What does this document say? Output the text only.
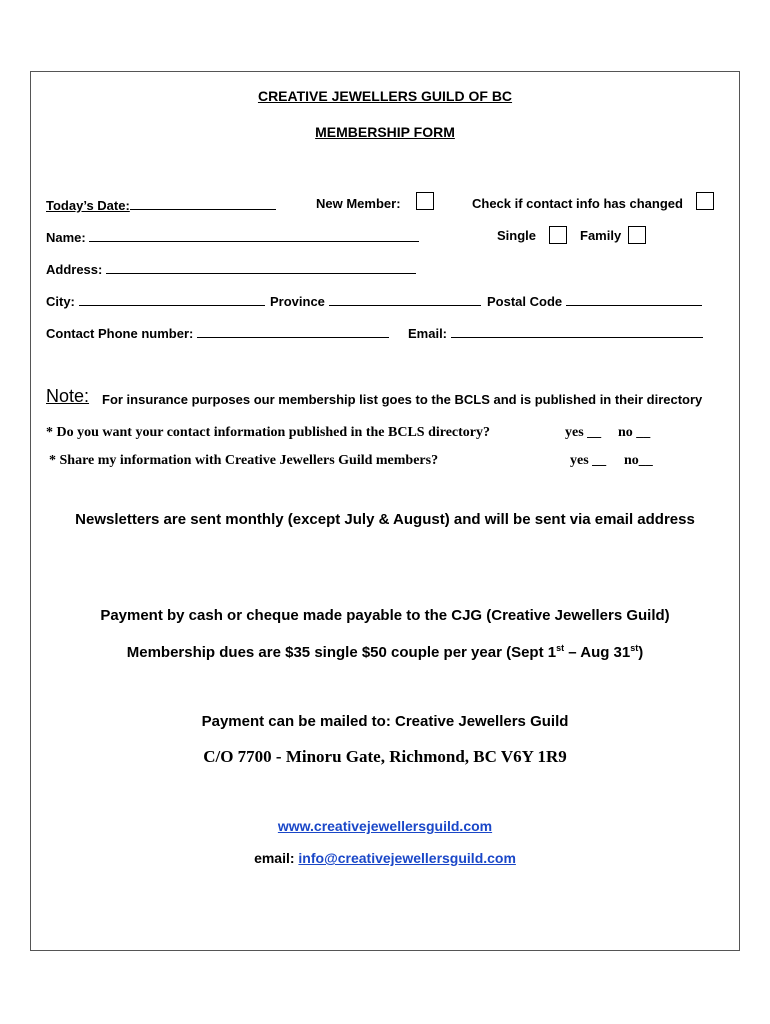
CREATIVE JEWELLERS GUILD OF BC
MEMBERSHIP FORM
Today’s Date:	New Member:	Check if contact info has changed
Name:	Single	Family
Address:
City:	Province	Postal Code
Contact Phone number:	Email:
Note: For insurance purposes our membership list goes to the BCLS and is published in their directory
* Do you want your contact information published in the BCLS directory?	yes __ no __
* Share my information with Creative Jewellers Guild members?	yes __ no__
Newsletters are sent monthly (except July & August) and will be sent via email address
Payment by cash or cheque made payable to the CJG (Creative Jewellers Guild)
Membership dues are $35 single $50 couple per year (Sept 1st – Aug 31st)
Payment can be mailed to: Creative Jewellers Guild
C/O 7700 - Minoru Gate, Richmond, BC V6Y 1R9
www.creativejewellersguild.com
email: info@creativejewellersguild.com
